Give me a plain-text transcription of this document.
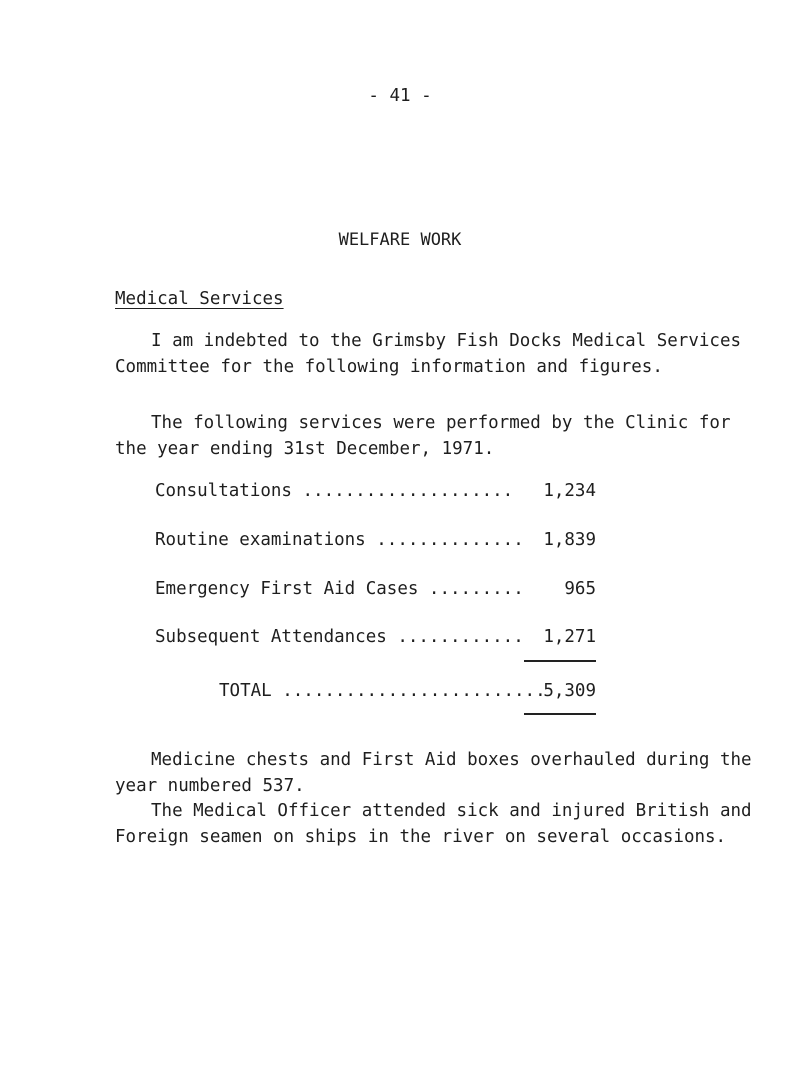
- 41 -
WELFARE WORK
Medical Services
I am indebted to the Grimsby Fish Docks Medical Services Committee for the following information and figures.
The following services were performed by the Clinic for the year ending 31st December, 1971.
Consultations .................... 1,234
Routine examinations .............. 1,839
Emergency First Aid Cases ......... 965
Subsequent Attendances ............ 1,271
TOTAL .........................
5,309
Medicine chests and First Aid boxes overhauled during the year numbered 537.
The Medical Officer attended sick and injured British and Foreign seamen on ships in the river on several occasions.
